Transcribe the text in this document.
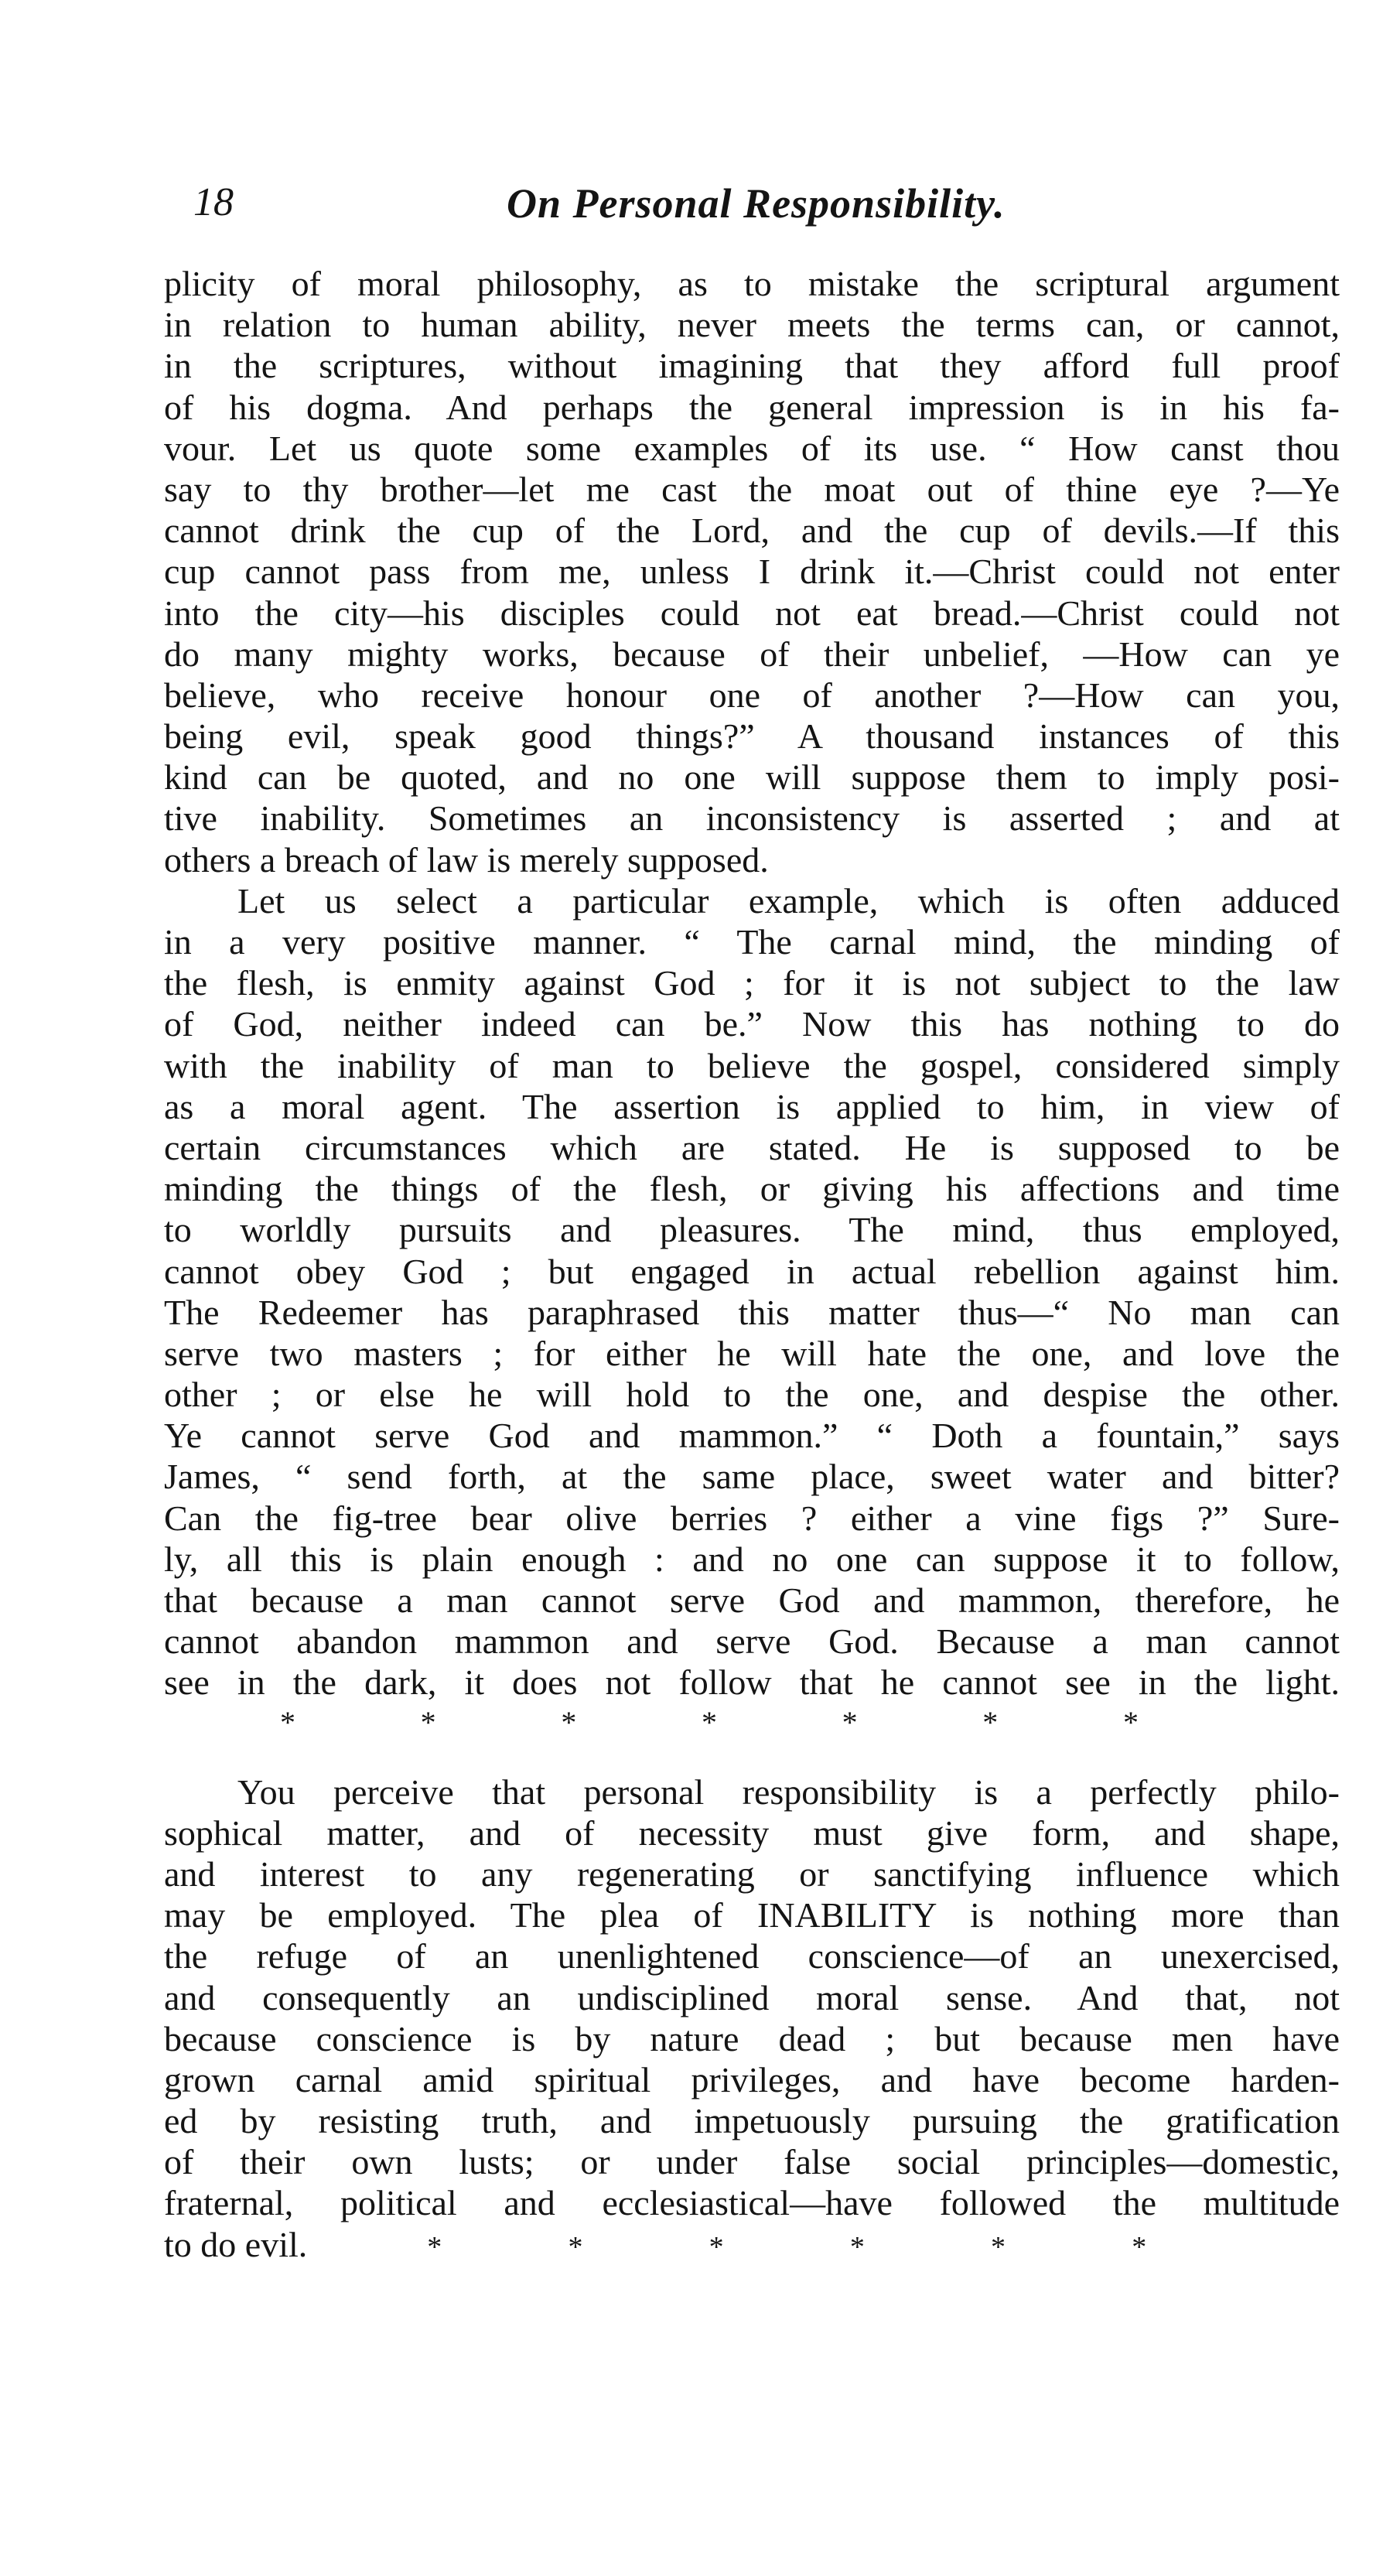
18	On Personal Responsibility.
plicity of moral philosophy, as to mistake the scriptural argument
in relation to human ability, never meets the terms can, or cannot,
in the scriptures, without imagining that they afford full proof
of his dogma. And perhaps the general impression is in his fa-
vour. Let us quote some examples of its use. “ How canst thou
say to thy brother—let me cast the moat out of thine eye ?—Ye
cannot drink the cup of the Lord, and the cup of devils.—If this
cup cannot pass from me, unless I drink it.—Christ could not enter
into the city—his disciples could not eat bread.—Christ could not
do many mighty works, because of their unbelief, —How can ye
believe, who receive honour one of another ?—How can you,
being evil, speak good things?” A thousand instances of this
kind can be quoted, and no one will suppose them to imply posi-
tive inability. Sometimes an inconsistency is asserted ; and at
others a breach of law is merely supposed.
Let us select a particular example, which is often adduced
in a very positive manner. “ The carnal mind, the minding of
the flesh, is enmity against God ; for it is not subject to the law
of God, neither indeed can be.” Now this has nothing to do
with the inability of man to believe the gospel, considered simply
as a moral agent. The assertion is applied to him, in view of
certain circumstances which are stated. He is supposed to be
minding the things of the flesh, or giving his affections and time
to worldly pursuits and pleasures. The mind, thus employed,
cannot obey God ; but engaged in actual rebellion against him.
The Redeemer has paraphrased this matter thus—“ No man can
serve two masters ; for either he will hate the one, and love the
other ; or else he will hold to the one, and despise the other.
Ye cannot serve God and mammon.” “ Doth a fountain,” says
James, “ send forth, at the same place, sweet water and bitter?
Can the fig-tree bear olive berries ? either a vine figs ?” Sure-
ly, all this is plain enough : and no one can suppose it to follow,
that because a man cannot serve God and mammon, therefore, he
cannot abandon mammon and serve God. Because a man cannot
see in the dark, it does not follow that he cannot see in the light.
*	*	*	*	*	*	*
You perceive that personal responsibility is a perfectly philo-
sophical matter, and of necessity must give form, and shape,
and interest to any regenerating or sanctifying influence which
may be employed. The plea of INABILITY is nothing more than
the refuge of an unenlightened conscience—of an unexercised,
and consequently an undisciplined moral sense. And that, not
because conscience is by nature dead ; but because men have
grown carnal amid spiritual privileges, and have become harden-
ed by resisting truth, and impetuously pursuing the gratification
of their own lusts; or under false social principles—domestic,
fraternal, political and ecclesiastical—have followed the multitude
to do evil.	*	*	*	*	*	*
